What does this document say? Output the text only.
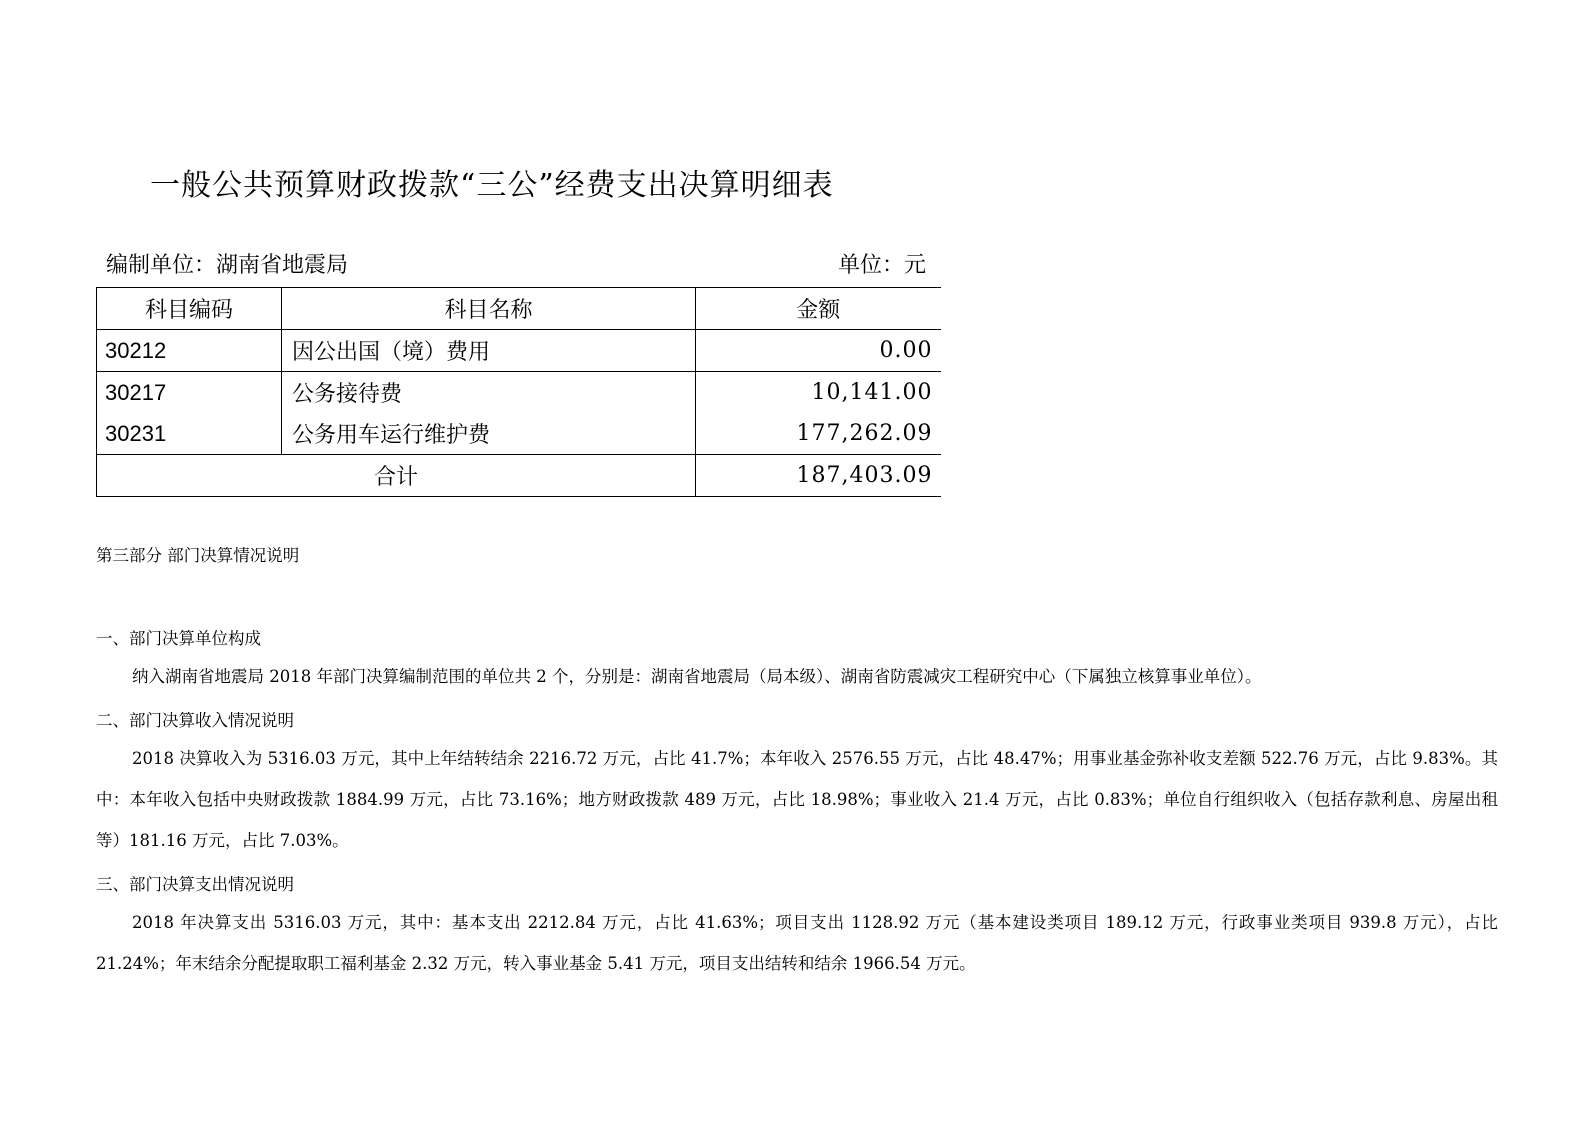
一般公共预算财政拨款“三公”经费支出决算明细表
编制单位：湖南省地震局	单位：元
科目编码	科目名称	金额
30212	因公出国（境）费用	0.00
30217	公务接待费	10,141.00
30231	公务用车运行维护费	177,262.09
合计		187,403.09
第三部分 部门决算情况说明
一、部门决算单位构成
纳入湖南省地震局 2018 年部门决算编制范围的单位共 2 个，分别是：湖南省地震局（局本级）、湖南省防震减灾工程研究中心（下属独立核算事业单位）。
二、部门决算收入情况说明
2018 决算收入为 5316.03 万元，其中上年结转结余 2216.72 万元，占比 41.7%；本年收入 2576.55 万元，占比 48.47%；用事业基金弥补收支差额 522.76 万元，占比 9.83%。其中：本年收入包括中央财政拨款 1884.99 万元，占比 73.16%；地方财政拨款 489 万元，占比 18.98%；事业收入 21.4 万元，占比 0.83%；单位自行组织收入（包括存款利息、房屋出租等）181.16 万元，占比 7.03%。
三、部门决算支出情况说明
2018 年决算支出 5316.03 万元，其中：基本支出 2212.84 万元，占比 41.63%；项目支出 1128.92 万元（基本建设类项目 189.12 万元，行政事业类项目 939.8 万元），占比 21.24%；年末结余分配提取职工福利基金 2.32 万元，转入事业基金 5.41 万元，项目支出结转和结余 1966.54 万元。
